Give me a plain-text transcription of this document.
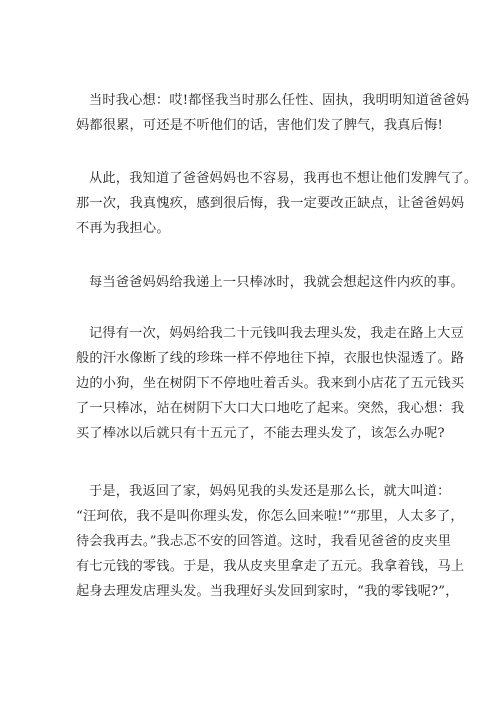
当时我心想：哎!都怪我当时那么任性、固执，我明明知道爸爸妈
妈都很累，可还是不听他们的话，害他们发了脾气，我真后悔!
从此，我知道了爸爸妈妈也不容易，我再也不想让他们发脾气了。
那一次，我真愧疚，感到很后悔，我一定要改正缺点，让爸爸妈妈
不再为我担心。
每当爸爸妈妈给我递上一只棒冰时，我就会想起这件内疚的事。
记得有一次，妈妈给我二十元钱叫我去理头发，我走在路上大豆
般的汗水像断了线的珍珠一样不停地往下掉，衣服也快湿透了。路
边的小狗，坐在树阴下不停地吐着舌头。我来到小店花了五元钱买
了一只棒冰，站在树阴下大口大口地吃了起来。突然，我心想：我
买了棒冰以后就只有十五元了，不能去理头发了，该怎么办呢?
于是，我返回了家，妈妈见我的头发还是那么长，就大叫道：
“汪珂依，我不是叫你理头发，你怎么回来啦!”“那里，人太多了，
待会我再去。”我忐忑不安的回答道。这时，我看见爸爸的皮夹里
有七元钱的零钱。于是，我从皮夹里拿走了五元。我拿着钱，马上
起身去理发店理头发。当我理好头发回到家时，“我的零钱呢?”，
